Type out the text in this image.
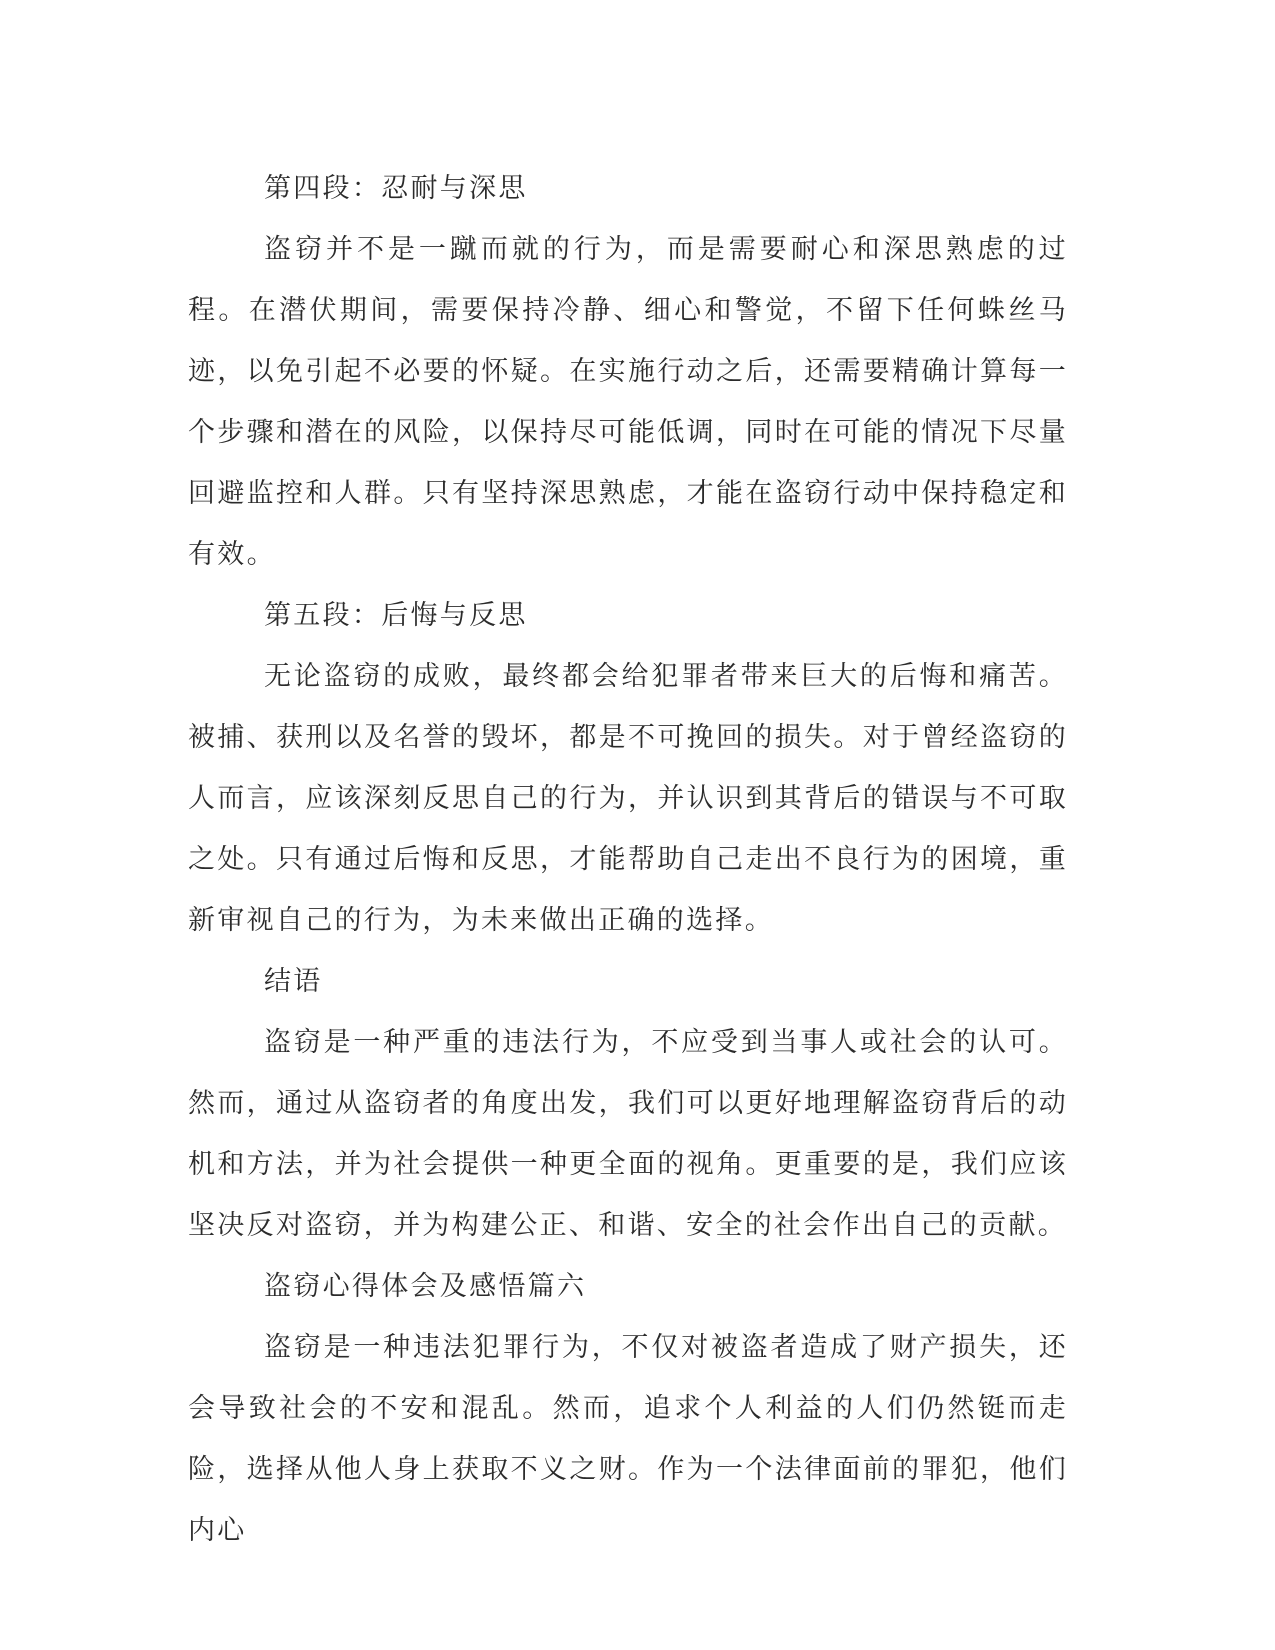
第四段：忍耐与深思

盗窃并不是一蹴而就的行为，而是需要耐心和深思熟虑的过程。在潜伏期间，需要保持冷静、细心和警觉，不留下任何蛛丝马迹，以免引起不必要的怀疑。在实施行动之后，还需要精确计算每一个步骤和潜在的风险，以保持尽可能低调，同时在可能的情况下尽量回避监控和人群。只有坚持深思熟虑，才能在盗窃行动中保持稳定和有效。

第五段：后悔与反思

无论盗窃的成败，最终都会给犯罪者带来巨大的后悔和痛苦。被捕、获刑以及名誉的毁坏，都是不可挽回的损失。对于曾经盗窃的人而言，应该深刻反思自己的行为，并认识到其背后的错误与不可取之处。只有通过后悔和反思，才能帮助自己走出不良行为的困境，重新审视自己的行为，为未来做出正确的选择。

结语

盗窃是一种严重的违法行为，不应受到当事人或社会的认可。然而，通过从盗窃者的角度出发，我们可以更好地理解盗窃背后的动机和方法，并为社会提供一种更全面的视角。更重要的是，我们应该坚决反对盗窃，并为构建公正、和谐、安全的社会作出自己的贡献。

盗窃心得体会及感悟篇六

盗窃是一种违法犯罪行为，不仅对被盗者造成了财产损失，还会导致社会的不安和混乱。然而，追求个人利益的人们仍然铤而走险，选择从他人身上获取不义之财。作为一个法律面前的罪犯，他们内心
